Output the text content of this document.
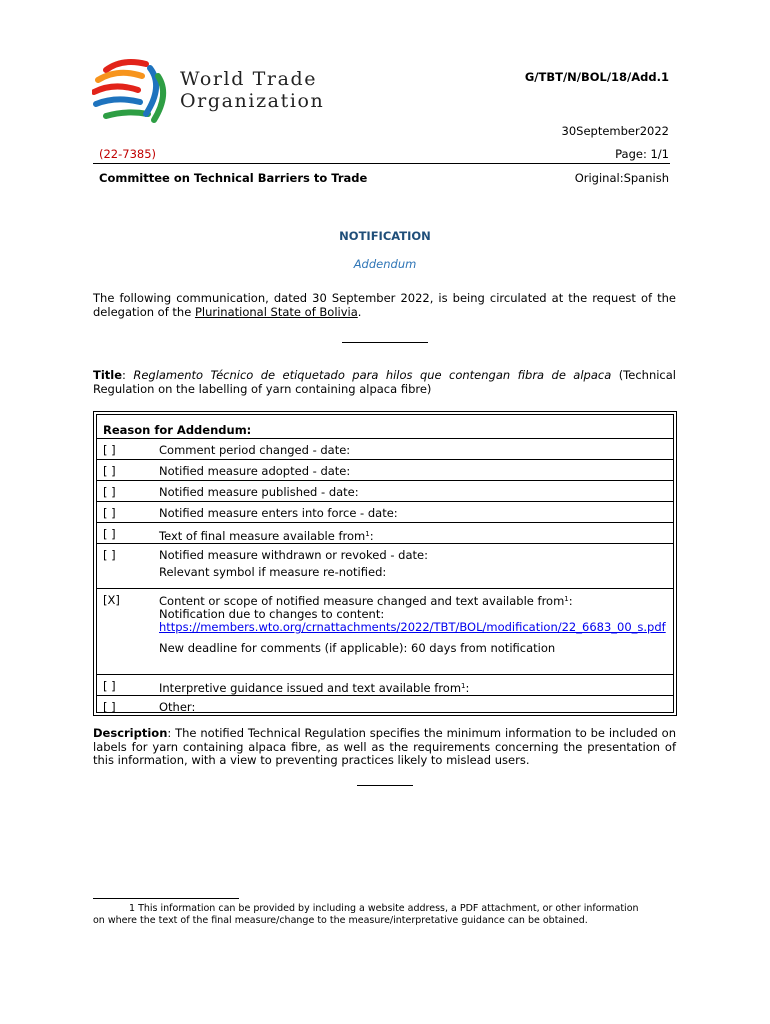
World Trade
Organization
G/TBT/N/BOL/18/Add.1
30September2022
(22-7385)	Page: 1/1
Committee on Technical Barriers to Trade	Original:Spanish
NOTIFICATION
Addendum
The following communication, dated 30 September 2022, is being circulated at the request of the delegation of the Plurinational State of Bolivia.
Title: Reglamento Técnico de etiquetado para hilos que contengan fibra de alpaca (Technical Regulation on the labelling of yarn containing alpaca fibre)
Reason for Addendum:
[ ]	Comment period changed - date:
[ ]	Notified measure adopted - date:
[ ]	Notified measure published - date:
[ ]	Notified measure enters into force - date:
[ ]	Text of final measure available from$^1$:
[ ]	Notified measure withdrawn or revoked - date:
Relevant symbol if measure re-notified:
[X]	Content or scope of notified measure changed and text available from$^1$:
Notification due to changes to content:
https://members.wto.org/crnattachments/2022/TBT/BOL/modification/22_6683_00_s.pdf
New deadline for comments (if applicable): 60 days from notification
[ ]	Interpretive guidance issued and text available from$^1$:
[ ]	Other:
Description: The notified Technical Regulation specifies the minimum information to be included on labels for yarn containing alpaca fibre, as well as the requirements concerning the presentation of this information, with a view to preventing practices likely to mislead users.
1 This information can be provided by including a website address, a PDF attachment, or other information on where the text of the final measure/change to the measure/interpretative guidance can be obtained.
